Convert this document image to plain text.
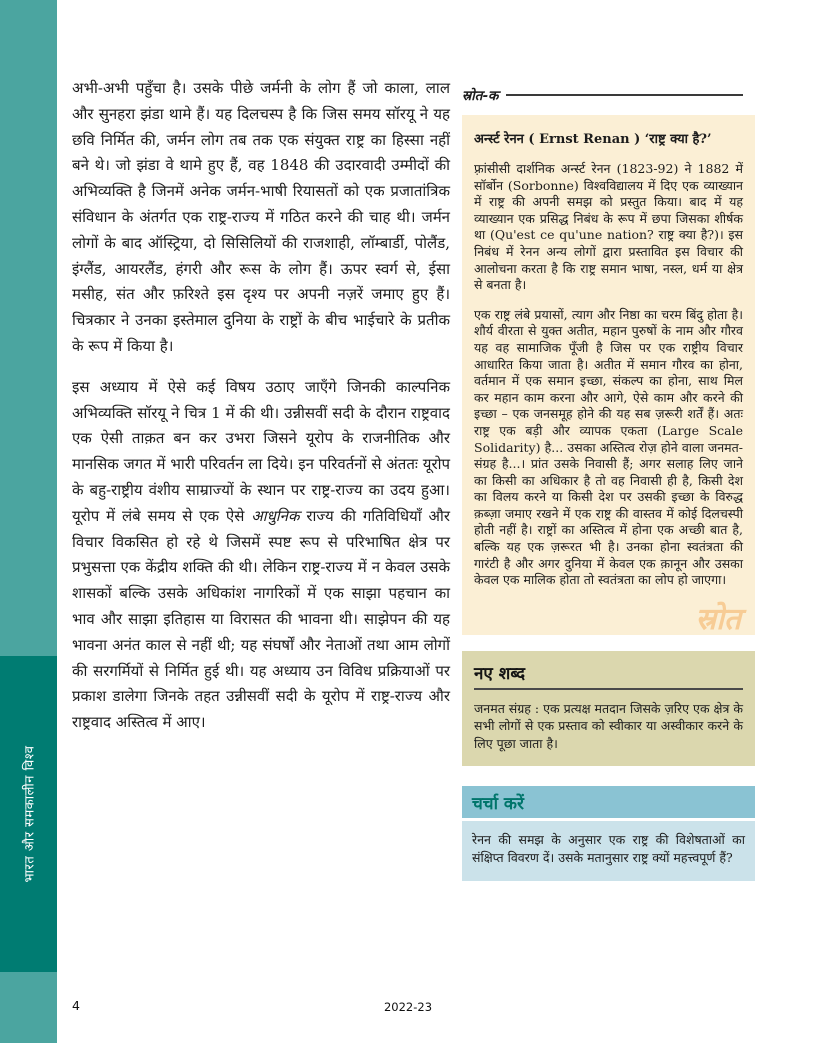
भारत और समकालीन विश्व

अभी-अभी पहुँचा है। उसके पीछे जर्मनी के लोग हैं जो काला, लाल और सुनहरा झंडा थामे हैं। यह दिलचस्प है कि जिस समय सॉरयू ने यह छवि निर्मित की, जर्मन लोग तब तक एक संयुक्त राष्ट्र का हिस्सा नहीं बने थे। जो झंडा वे थामे हुए हैं, वह 1848 की उदारवादी उम्मीदों की अभिव्यक्ति है जिनमें अनेक जर्मन-भाषी रियासतों को एक प्रजातांत्रिक संविधान के अंतर्गत एक राष्ट्र-राज्य में गठित करने की चाह थी। जर्मन लोगों के बाद ऑस्ट्रिया, दो सिसिलियों की राजशाही, लॉम्बार्डी, पोलैंड, इंग्लैंड, आयरलैंड, हंगरी और रूस के लोग हैं। ऊपर स्वर्ग से, ईसा मसीह, संत और फ़रिश्ते इस दृश्य पर अपनी नज़रें जमाए हुए हैं। चित्रकार ने उनका इस्तेमाल दुनिया के राष्ट्रों के बीच भाईचारे के प्रतीक के रूप में किया है।

इस अध्याय में ऐसे कई विषय उठाए जाएँगे जिनकी काल्पनिक अभिव्यक्ति सॉरयू ने चित्र 1 में की थी। उन्नीसवीं सदी के दौरान राष्ट्रवाद एक ऐसी ताक़त बन कर उभरा जिसने यूरोप के राजनीतिक और मानसिक जगत में भारी परिवर्तन ला दिये। इन परिवर्तनों से अंततः यूरोप के बहु-राष्ट्रीय वंशीय साम्राज्यों के स्थान पर राष्ट्र-राज्य का उदय हुआ। यूरोप में लंबे समय से एक ऐसे आधुनिक राज्य की गतिविधियाँ और विचार विकसित हो रहे थे जिसमें स्पष्ट रूप से परिभाषित क्षेत्र पर प्रभुसत्ता एक केंद्रीय शक्ति की थी। लेकिन राष्ट्र-राज्य में न केवल उसके शासकों बल्कि उसके अधिकांश नागरिकों में एक साझा पहचान का भाव और साझा इतिहास या विरासत की भावना थी। साझेपन की यह भावना अनंत काल से नहीं थी; यह संघर्षों और नेताओं तथा आम लोगों की सरगर्मियों से निर्मित हुई थी। यह अध्याय उन विविध प्रक्रियाओं पर प्रकाश डालेगा जिनके तहत उन्नीसवीं सदी के यूरोप में राष्ट्र-राज्य और राष्ट्रवाद अस्तित्व में आए।

स्रोत-क
अर्न्स्ट रेनन ( Ernst Renan ) ‘राष्ट्र क्या है?’

फ़्रांसीसी दार्शनिक अर्न्स्ट रेनन (1823-92) ने 1882 में सॉर्बोन (Sorbonne) विश्वविद्यालय में दिए एक व्याख्यान में राष्ट्र की अपनी समझ को प्रस्तुत किया। बाद में यह व्याख्यान एक प्रसिद्ध निबंध के रूप में छपा जिसका शीर्षक था (Qu'est ce qu'une nation? राष्ट्र क्या है?)। इस निबंध में रेनन अन्य लोगों द्वारा प्रस्तावित इस विचार की आलोचना करता है कि राष्ट्र समान भाषा, नस्ल, धर्म या क्षेत्र से बनता है।

एक राष्ट्र लंबे प्रयासों, त्याग और निष्ठा का चरम बिंदु होता है। शौर्य वीरता से युक्त अतीत, महान पुरुषों के नाम और गौरव यह वह सामाजिक पूँजी है जिस पर एक राष्ट्रीय विचार आधारित किया जाता है। अतीत में समान गौरव का होना, वर्तमान में एक समान इच्छा, संकल्प का होना, साथ मिल कर महान काम करना और आगे, ऐसे काम और करने की इच्छा – एक जनसमूह होने की यह सब ज़रूरी शर्तें हैं। अतः राष्ट्र एक बड़ी और व्यापक एकता (Large Scale Solidarity) है... उसका अस्तित्व रोज़ होने वाला जनमत-संग्रह है...। प्रांत उसके निवासी हैं; अगर सलाह लिए जाने का किसी का अधिकार है तो वह निवासी ही है, किसी देश का विलय करने या किसी देश पर उसकी इच्छा के विरुद्ध क़ब्ज़ा जमाए रखने में एक राष्ट्र की वास्तव में कोई दिलचस्पी होती नहीं है। राष्ट्रों का अस्तित्व में होना एक अच्छी बात है, बल्कि यह एक ज़रूरत भी है। उनका होना स्वतंत्रता की गारंटी है और अगर दुनिया में केवल एक क़ानून और उसका केवल एक मालिक होता तो स्वतंत्रता का लोप हो जाएगा।

स्रोत
नए शब्द

जनमत संग्रह : एक प्रत्यक्ष मतदान जिसके ज़रिए एक क्षेत्र के सभी लोगों से एक प्रस्ताव को स्वीकार या अस्वीकार करने के लिए पूछा जाता है।

चर्चा करें
रेनन की समझ के अनुसार एक राष्ट्र की विशेषताओं का संक्षिप्त विवरण दें। उसके मतानुसार राष्ट्र क्यों महत्त्वपूर्ण हैं?
4	2022-23
